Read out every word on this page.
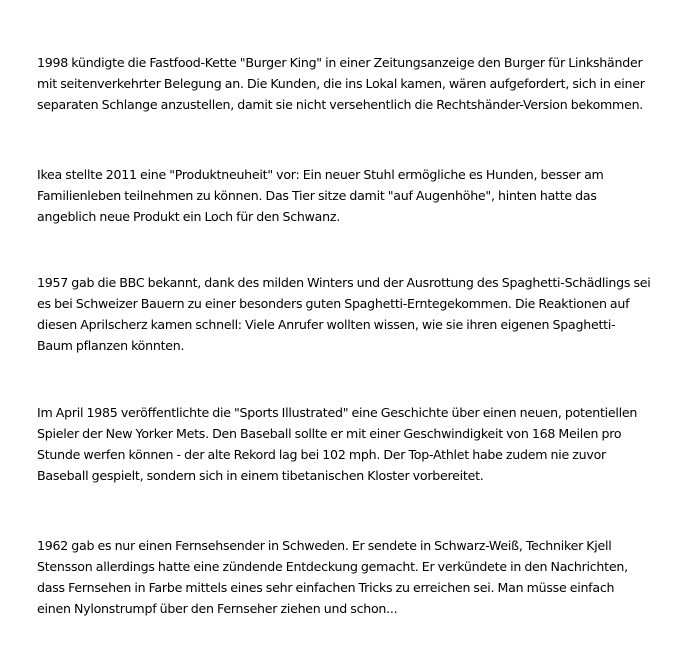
1998 kündigte die Fastfood-Kette "Burger King" in einer Zeitungsanzeige den Burger für Linkshänder
mit seitenverkehrter Belegung an. Die Kunden, die ins Lokal kamen, wären aufgefordert, sich in einer
separaten Schlange anzustellen, damit sie nicht versehentlich die Rechtshänder-Version bekommen.

Ikea stellte 2011 eine "Produktneuheit" vor: Ein neuer Stuhl ermögliche es Hunden, besser am
Familienleben teilnehmen zu können. Das Tier sitze damit "auf Augenhöhe", hinten hatte das
angeblich neue Produkt ein Loch für den Schwanz.

1957 gab die BBC bekannt, dank des milden Winters und der Ausrottung des Spaghetti-Schädlings sei
es bei Schweizer Bauern zu einer besonders guten Spaghetti-Erntegekommen. Die Reaktionen auf
diesen Aprilscherz kamen schnell: Viele Anrufer wollten wissen, wie sie ihren eigenen Spaghetti-
Baum pflanzen könnten.

Im April 1985 veröffentlichte die "Sports Illustrated" eine Geschichte über einen neuen, potentiellen
Spieler der New Yorker Mets. Den Baseball sollte er mit einer Geschwindigkeit von 168 Meilen pro
Stunde werfen können - der alte Rekord lag bei 102 mph. Der Top-Athlet habe zudem nie zuvor
Baseball gespielt, sondern sich in einem tibetanischen Kloster vorbereitet.

1962 gab es nur einen Fernsehsender in Schweden. Er sendete in Schwarz-Weiß, Techniker Kjell
Stensson allerdings hatte eine zündende Entdeckung gemacht. Er verkündete in den Nachrichten,
dass Fernsehen in Farbe mittels eines sehr einfachen Tricks zu erreichen sei. Man müsse einfach
einen Nylonstrumpf über den Fernseher ziehen und schon...
